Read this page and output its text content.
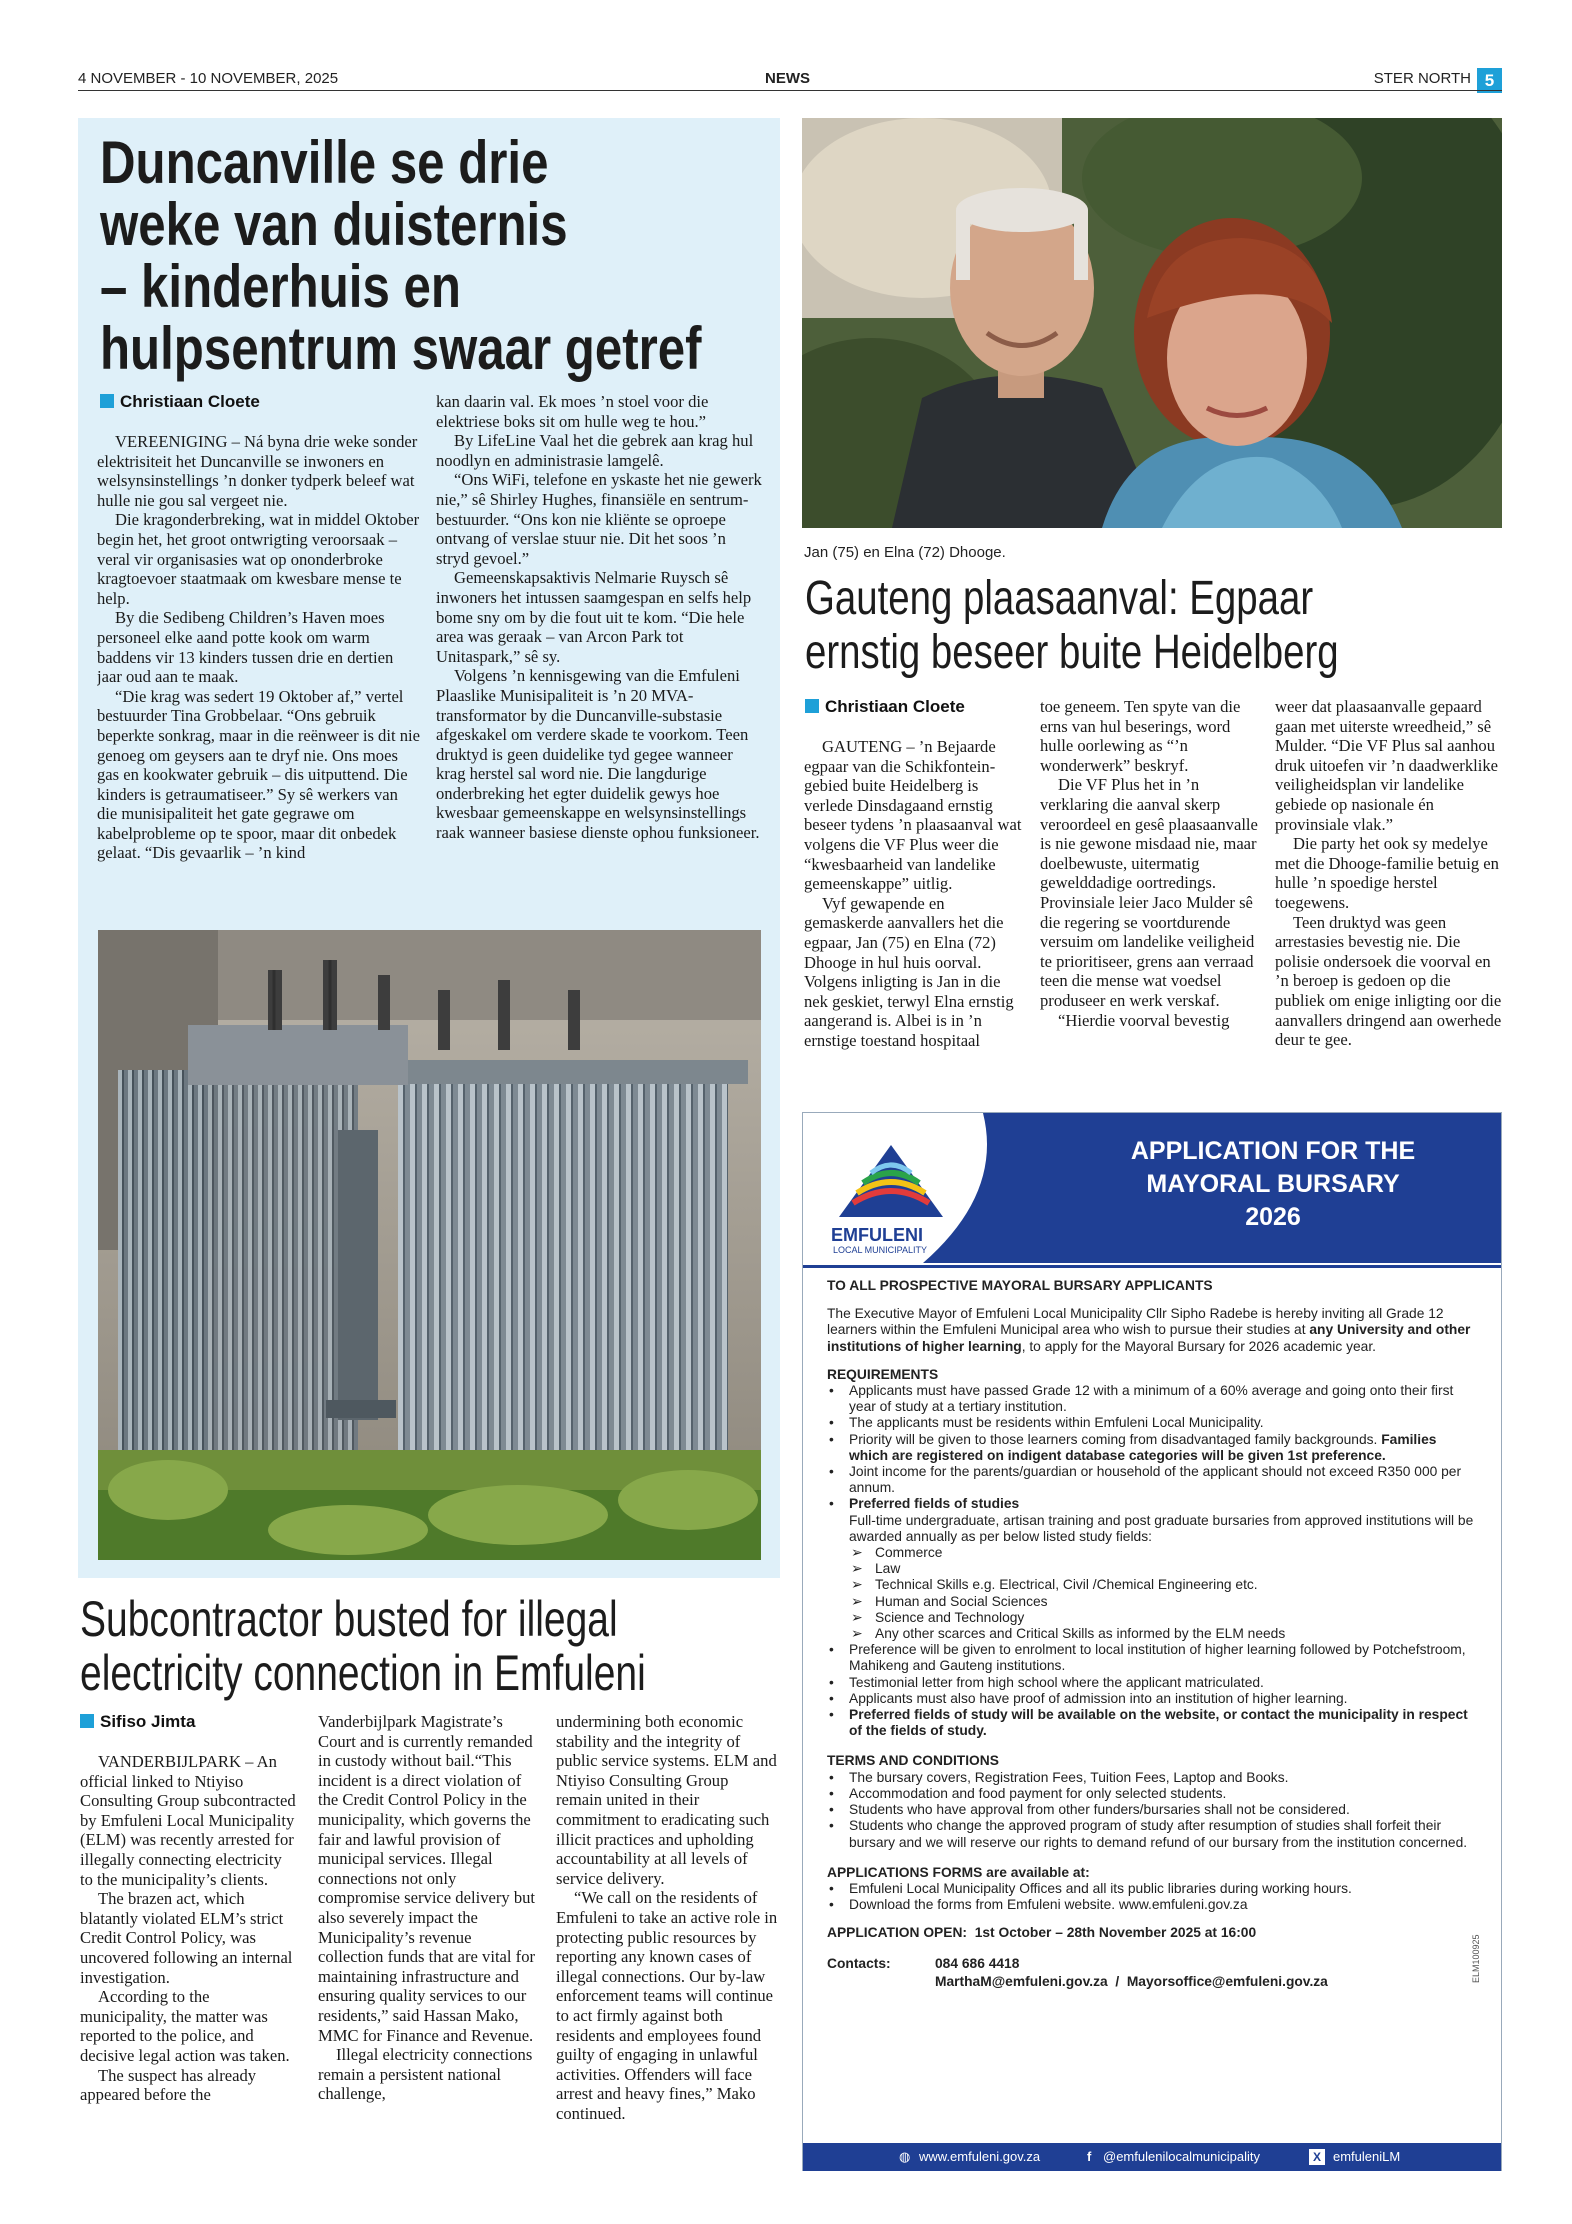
4 NOVEMBER - 10 NOVEMBER, 2025	NEWS	STER NORTH 5
Duncanville se drie
weke van duisternis
– kinderhuis en
hulpsentrum swaar getref
Christiaan Cloete

VEREENIGING – Ná byna drie weke sonder elektrisiteit het Duncanville se inwoners en welsynsinstellings ’n donker tydperk beleef wat hulle nie gou sal vergeet nie.

Die kragonderbreking, wat in middel Oktober begin het, het groot ontwrigting veroorsaak – veral vir organisasies wat op ononderbroke kragtoevoer staatmaak om kwesbare mense te help.

By die Sedibeng Children’s Haven moes personeel elke aand potte kook om warm baddens vir 13 kinders tussen drie en dertien jaar oud aan te maak.

“Die krag was sedert 19 Oktober af,” vertel bestuurder Tina Grobbelaar. “Ons gebruik beperkte sonkrag, maar in die reënweer is dit nie genoeg om geysers aan te dryf nie. Ons moes gas en kookwater gebruik – dis uitputtend. Die kinders is getraumatiseer.” Sy sê werkers van die munisipaliteit het gate gegrawe om kabelprobleme op te spoor, maar dit onbedek gelaat. “Dis gevaarlik – ’n kind

kan daarin val. Ek moes ’n stoel voor die elektriese boks sit om hulle weg te hou.”

By LifeLine Vaal het die gebrek aan krag hul noodlyn en administrasie lamgelê.

“Ons WiFi, telefone en yskaste het nie gewerk nie,” sê Shirley Hughes, finansiële en sentrum-bestuurder. “Ons kon nie kliënte se oproepe ontvang of verslae stuur nie. Dit het soos ’n stryd gevoel.”

Gemeenskapsaktivis Nelmarie Ruysch sê inwoners het intussen saamgespan en selfs help bome sny om by die fout uit te kom. “Die hele area was geraak – van Arcon Park tot Unitaspark,” sê sy.

Volgens ’n kennisgewing van die Emfuleni Plaaslike Munisipaliteit is ’n 20 MVA-transformator by die Duncanville-substasie afgeskakel om verdere skade te voorkom. Teen druktyd is geen duidelike tyd gegee wanneer krag herstel sal word nie. Die langdurige onderbreking het egter duidelik gewys hoe kwesbaar gemeenskappe en welsynsinstellings raak wanneer basiese dienste ophou funksioneer.

Jan (75) en Elna (72) Dhooge.
Gauteng plaasaanval: Egpaar
ernstig beseer buite Heidelberg
Christiaan Cloete

GAUTENG – ’n Bejaarde egpaar van die Schikfontein-gebied buite Heidelberg is verlede Dinsdagaand ernstig beseer tydens ’n plaasaanval wat volgens die VF Plus weer die “kwesbaarheid van landelike gemeenskappe” uitlig.

Vyf gewapende en gemaskerde aanvallers het die egpaar, Jan (75) en Elna (72) Dhooge in hul huis oorval. Volgens inligting is Jan in die nek geskiet, terwyl Elna ernstig aangerand is. Albei is in ’n ernstige toestand hospitaal

toe geneem. Ten spyte van die erns van hul beserings, word hulle oorlewing as “’n wonderwerk” beskryf.

Die VF Plus het in ’n verklaring die aanval skerp veroordeel en gesê plaasaanvalle is nie gewone misdaad nie, maar doelbewuste, uitermatig gewelddadige oortredings. Provinsiale leier Jaco Mulder sê die regering se voortdurende versuim om landelike veiligheid te prioritiseer, grens aan verraad teen die mense wat voedsel produseer en werk verskaf.

“Hierdie voorval bevestig

weer dat plaasaanvalle gepaard gaan met uiterste wreedheid,” sê Mulder. “Die VF Plus sal aanhou druk uitoefen vir ’n daadwerklike veiligheidsplan vir landelike gebiede op nasionale én provinsiale vlak.”

Die party het ook sy medelye met die Dhooge-familie betuig en hulle ’n spoedige herstel toegewens.

Teen druktyd was geen arrestasies bevestig nie. Die polisie ondersoek die voorval en ’n beroep is gedoen op die publiek om enige inligting oor die aanvallers dringend aan owerhede deur te gee.

Subcontractor busted for illegal
electricity connection in Emfuleni
Sifiso Jimta

VANDERBIJLPARK – An official linked to Ntiyiso Consulting Group subcontracted by Emfuleni Local Municipality (ELM) was recently arrested for illegally connecting electricity to the municipality’s clients.

The brazen act, which blatantly violated ELM’s strict Credit Control Policy, was uncovered following an internal investigation.

According to the municipality, the matter was reported to the police, and decisive legal action was taken.

The suspect has already appeared before the

Vanderbijlpark Magistrate’s Court and is currently remanded in custody without bail.“This incident is a direct violation of the Credit Control Policy in the municipality, which governs the fair and lawful provision of municipal services. Illegal connections not only compromise service delivery but also severely impact the Municipality’s revenue collection funds that are vital for maintaining infrastructure and ensuring quality services to our residents,” said Hassan Mako, MMC for Finance and Revenue.

Illegal electricity connections remain a persistent national challenge,

undermining both economic stability and the integrity of public service systems. ELM and Ntiyiso Consulting Group remain united in their commitment to eradicating such illicit practices and upholding accountability at all levels of service delivery.

“We call on the residents of Emfuleni to take an active role in protecting public resources by reporting any known cases of illegal connections. Our by-law enforcement teams will continue to act firmly against both residents and employees found guilty of engaging in unlawful activities. Offenders will face arrest and heavy fines,” Mako continued.

EMFULENI
LOCAL MUNICIPALITY
APPLICATION FOR THE
MAYORAL BURSARY
2026
TO ALL PROSPECTIVE MAYORAL BURSARY APPLICANTS
The Executive Mayor of Emfuleni Local Municipality Cllr Sipho Radebe is hereby inviting all Grade 12 learners within the Emfuleni Municipal area who wish to pursue their studies at any University and other institutions of higher learning, to apply for the Mayoral Bursary for 2026 academic year.
REQUIREMENTS
• Applicants must have passed Grade 12 with a minimum of a 60% average and going onto their first year of study at a tertiary institution.
• The applicants must be residents within Emfuleni Local Municipality.
• Priority will be given to those learners coming from disadvantaged family backgrounds. Families which are registered on indigent database categories will be given 1st preference.
• Joint income for the parents/guardian or household of the applicant should not exceed R350 000 per annum.
• Preferred fields of studies
Full-time undergraduate, artisan training and post graduate bursaries from approved institutions will be awarded annually as per below listed study fields:
➢ Commerce
➢ Law
➢ Technical Skills e.g. Electrical, Civil /Chemical Engineering etc.
➢ Human and Social Sciences
➢ Science and Technology
➢ Any other scarces and Critical Skills as informed by the ELM needs
• Preference will be given to enrolment to local institution of higher learning followed by Potchefstroom, Mahikeng and Gauteng institutions.
• Testimonial letter from high school where the applicant matriculated.
• Applicants must also have proof of admission into an institution of higher learning.
• Preferred fields of study will be available on the website, or contact the municipality in respect of the fields of study.
TERMS AND CONDITIONS
• The bursary covers, Registration Fees, Tuition Fees, Laptop and Books.
• Accommodation and food payment for only selected students.
• Students who have approval from other funders/bursaries shall not be considered.
• Students who change the approved program of study after resumption of studies shall forfeit their bursary and we will reserve our rights to demand refund of our bursary from the institution concerned.
APPLICATIONS FORMS are available at:
• Emfuleni Local Municipality Offices and all its public libraries during working hours.
• Download the forms from Emfuleni website. www.emfuleni.gov.za
APPLICATION OPEN: 1st October – 28th November 2025 at 16:00
Contacts:	084 686 4418
MarthaM@emfuleni.gov.za  /  Mayorsoffice@emfuleni.gov.za	ELM100925
◍ www.emfuleni.gov.za	f @emfulenilocalmunicipality	X emfuleniLM
